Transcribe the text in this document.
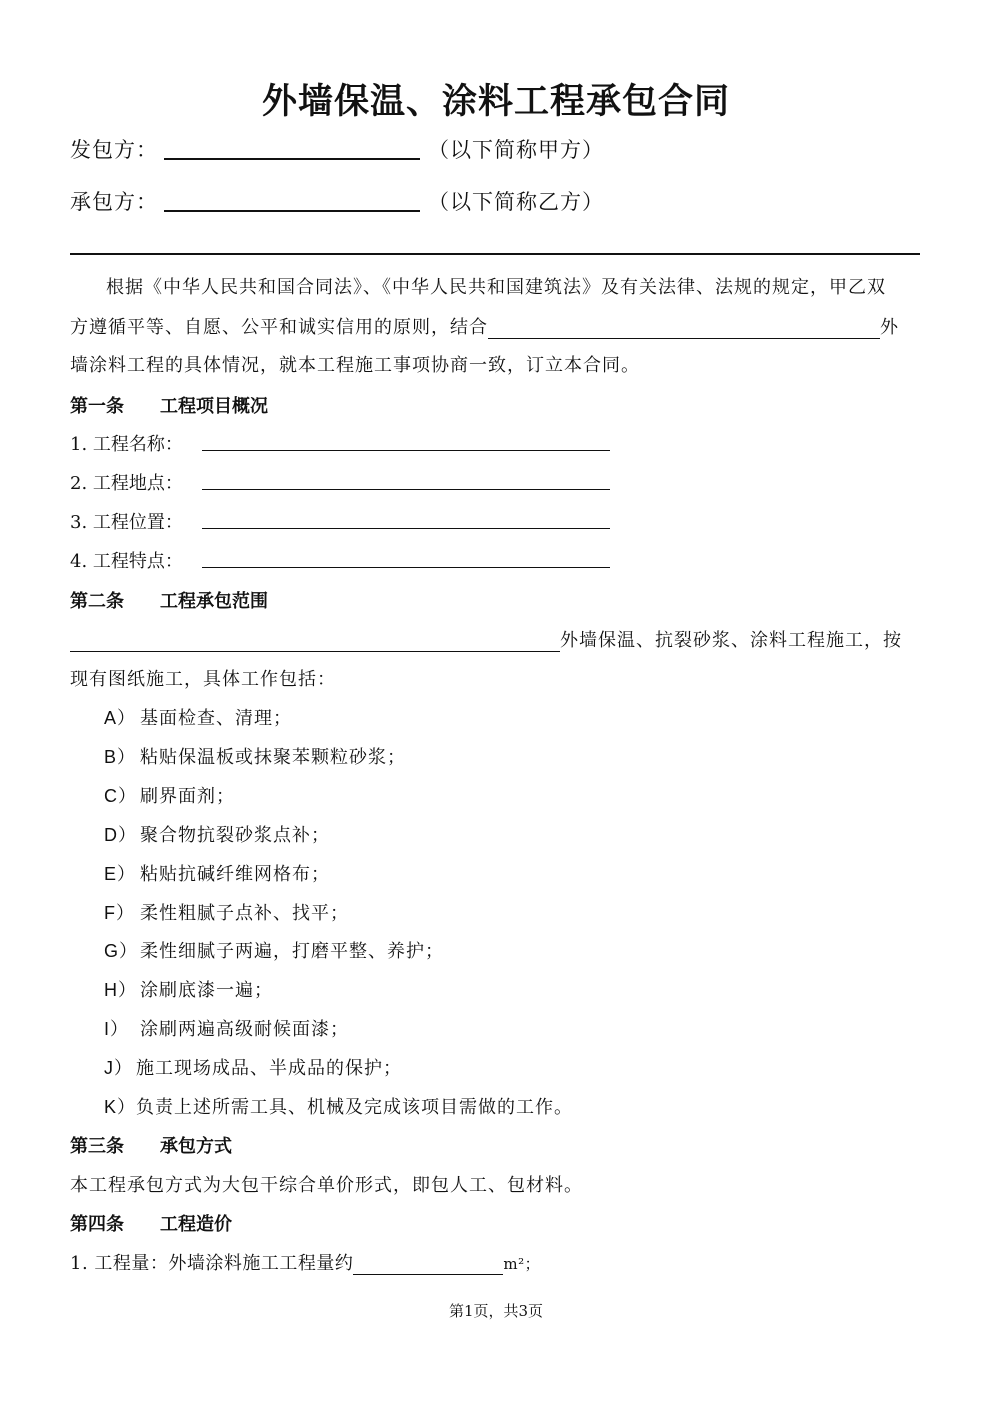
外墙保温、涂料工程承包合同
发包方：	（以下简称甲方）
承包方：	（以下简称乙方）
根据《中华人民共和国合同法》、《中华人民共和国建筑法》及有关法律、法规的规定，甲乙双
方遵循平等、自愿、公平和诚实信用的原则，结合	外
墙涂料工程的具体情况，就本工程施工事项协商一致，订立本合同。
第一条 工程项目概况
1. 工程名称：
2. 工程地点：
3. 工程位置：
4. 工程特点：
第二条 工程承包范围
外墙保温、抗裂砂浆、涂料工程施工，按
现有图纸施工，具体工作包括：
A） 基面检查、清理；
B） 粘贴保温板或抹聚苯颗粒砂浆；
C） 刷界面剂；
D） 聚合物抗裂砂浆点补；
E） 粘贴抗碱纤维网格布；
F） 柔性粗腻子点补、找平；
G） 柔性细腻子两遍，打磨平整、养护；
H） 涂刷底漆一遍；
I） 涂刷两遍高级耐候面漆；
J） 施工现场成品、半成品的保护；
K）负责上述所需工具、机械及完成该项目需做的工作。
第三条 承包方式
本工程承包方式为大包干综合单价形式，即包人工、包材料。
第四条 工程造价
1. 工程量：外墙涂料施工工程量约	m²；
第1页，共3页
